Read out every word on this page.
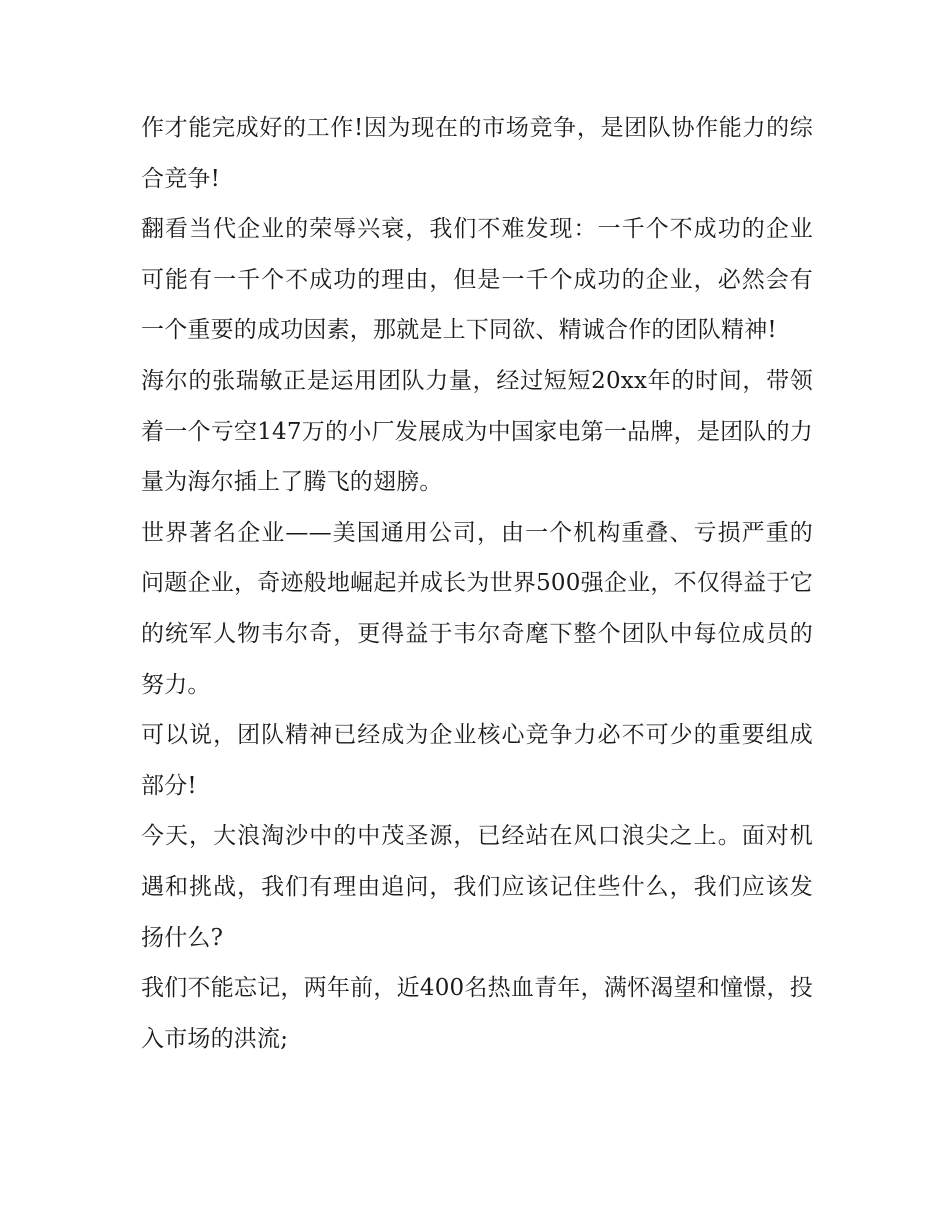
作才能完成好的工作!因为现在的市场竞争，是团队协作能力的综合竞争!

翻看当代企业的荣辱兴衰，我们不难发现：一千个不成功的企业可能有一千个不成功的理由，但是一千个成功的企业，必然会有一个重要的成功因素，那就是上下同欲、精诚合作的团队精神!

海尔的张瑞敏正是运用团队力量，经过短短20xx年的时间，带领着一个亏空147万的小厂发展成为中国家电第一品牌，是团队的力量为海尔插上了腾飞的翅膀。

世界著名企业——美国通用公司，由一个机构重叠、亏损严重的问题企业，奇迹般地崛起并成长为世界500强企业，不仅得益于它的统军人物韦尔奇，更得益于韦尔奇麾下整个团队中每位成员的努力。

可以说，团队精神已经成为企业核心竞争力必不可少的重要组成部分!

今天，大浪淘沙中的中茂圣源，已经站在风口浪尖之上。面对机遇和挑战，我们有理由追问，我们应该记住些什么，我们应该发扬什么?

我们不能忘记，两年前，近400名热血青年，满怀渴望和憧憬，投入市场的洪流;
